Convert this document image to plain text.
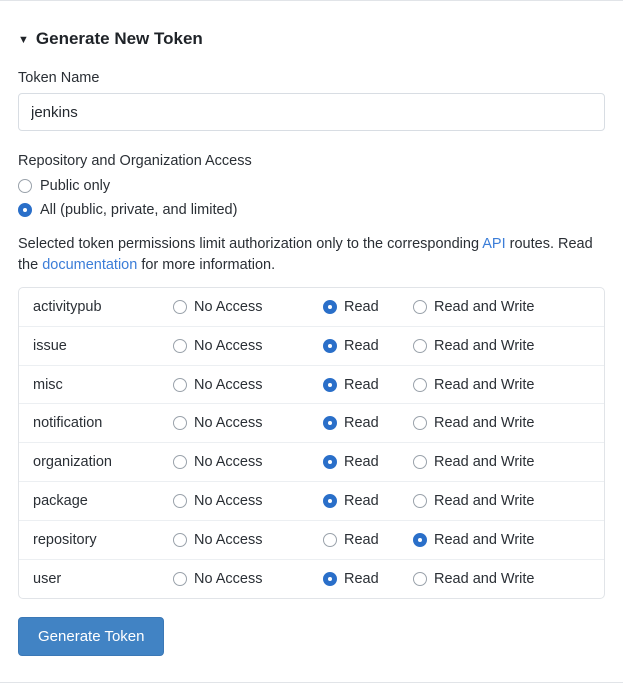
▼ Generate New Token
Token Name
jenkins
Repository and Organization Access
Public only
All (public, private, and limited)
Selected token permissions limit authorization only to the corresponding API routes. Read the documentation for more information.
activitypub	No Access	Read	Read and Write
issue	No Access	Read	Read and Write
misc	No Access	Read	Read and Write
notification	No Access	Read	Read and Write
organization	No Access	Read	Read and Write
package	No Access	Read	Read and Write
repository	No Access	Read	Read and Write
user	No Access	Read	Read and Write
Generate Token
